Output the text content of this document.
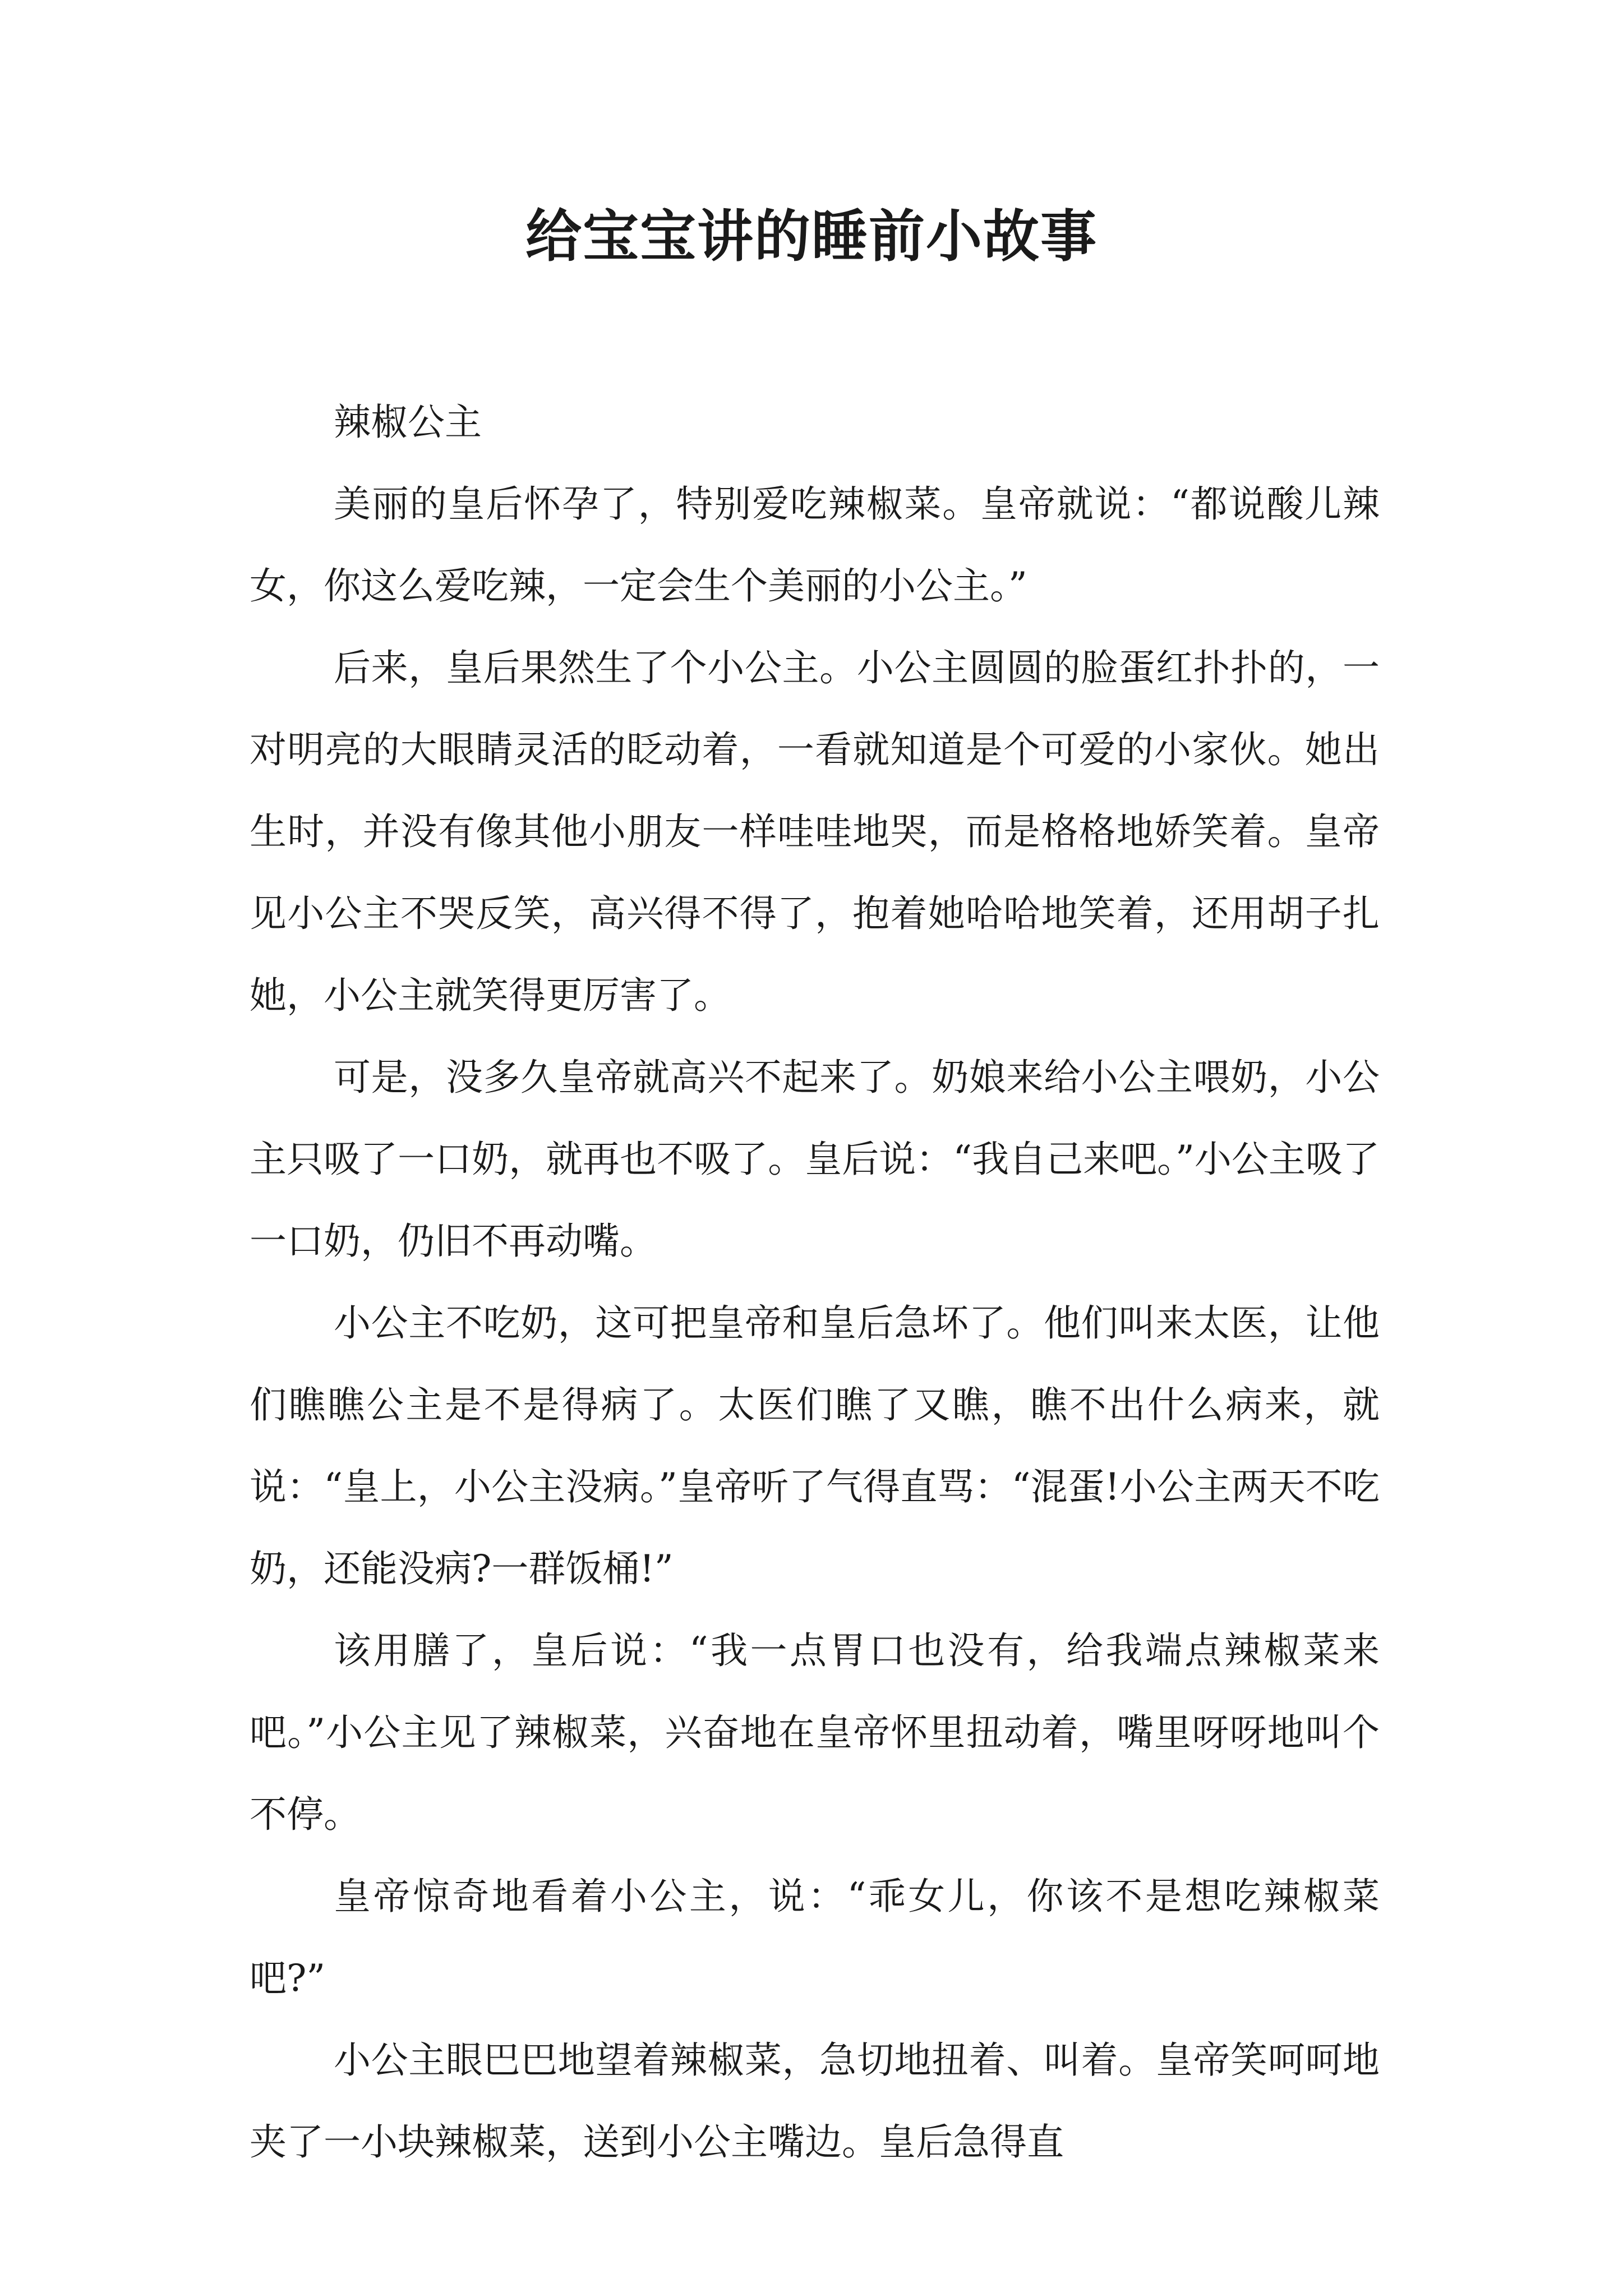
给宝宝讲的睡前小故事

辣椒公主

美丽的皇后怀孕了，特别爱吃辣椒菜。皇帝就说：“都说酸儿辣女，你这么爱吃辣，一定会生个美丽的小公主。”

后来，皇后果然生了个小公主。小公主圆圆的脸蛋红扑扑的，一对明亮的大眼睛灵活的眨动着，一看就知道是个可爱的小家伙。她出生时，并没有像其他小朋友一样哇哇地哭，而是格格地娇笑着。皇帝见小公主不哭反笑，高兴得不得了，抱着她哈哈地笑着，还用胡子扎她，小公主就笑得更厉害了。

可是，没多久皇帝就高兴不起来了。奶娘来给小公主喂奶，小公主只吸了一口奶，就再也不吸了。皇后说：“我自己来吧。”小公主吸了一口奶，仍旧不再动嘴。

小公主不吃奶，这可把皇帝和皇后急坏了。他们叫来太医，让他们瞧瞧公主是不是得病了。太医们瞧了又瞧，瞧不出什么病来，就说：“皇上，小公主没病。”皇帝听了气得直骂：“混蛋!小公主两天不吃奶，还能没病?一群饭桶!”

该用膳了，皇后说：“我一点胃口也没有，给我端点辣椒菜来吧。”小公主见了辣椒菜，兴奋地在皇帝怀里扭动着，嘴里呀呀地叫个不停。

皇帝惊奇地看着小公主，说：“乖女儿，你该不是想吃辣椒菜吧?”

小公主眼巴巴地望着辣椒菜，急切地扭着、叫着。皇帝笑呵呵地夹了一小块辣椒菜，送到小公主嘴边。皇后急得直
